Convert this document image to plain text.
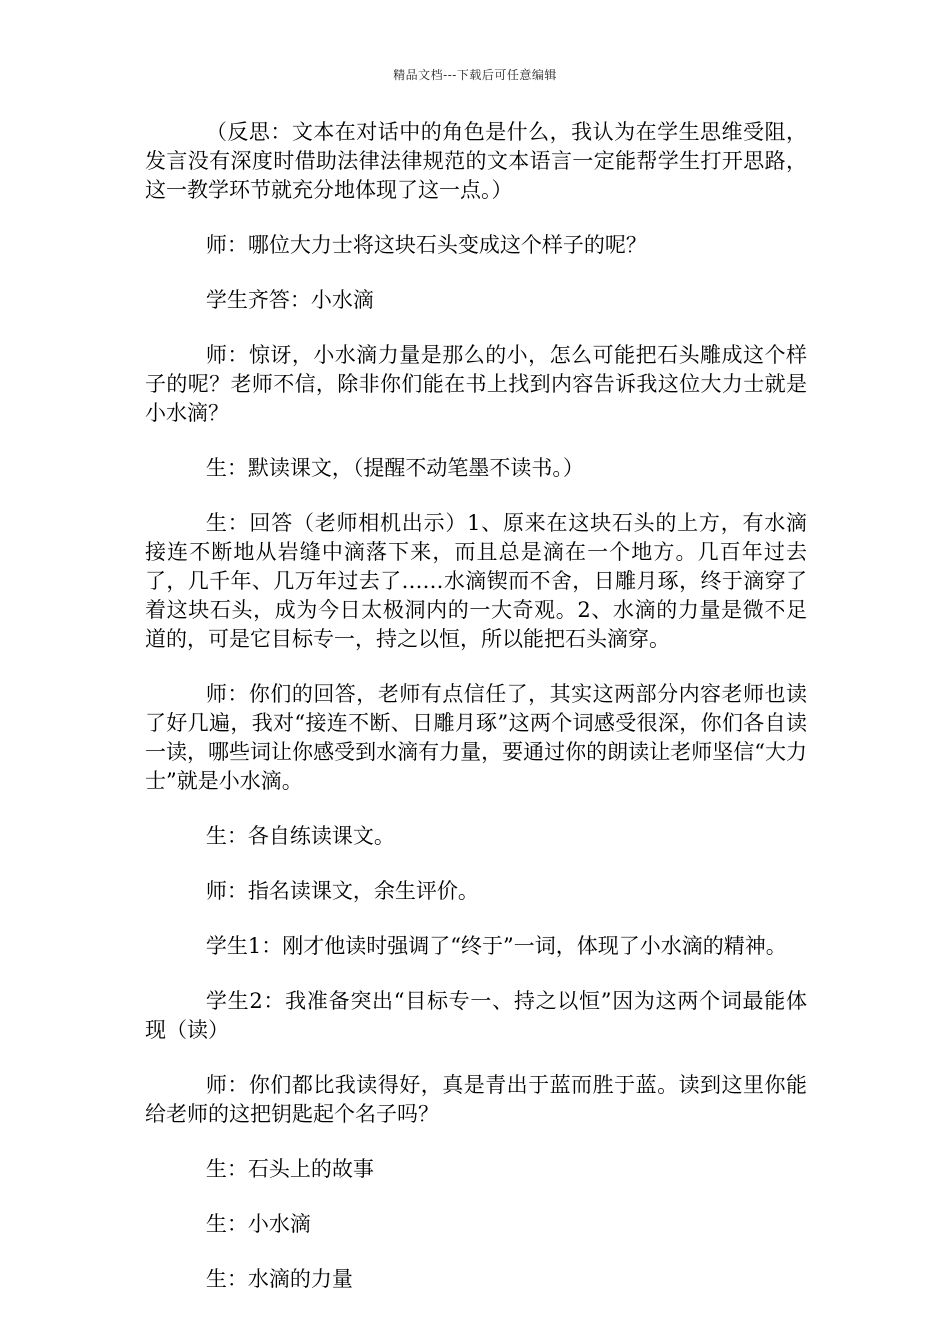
精品文档---下载后可任意编辑

（反思：文本在对话中的角色是什么，我认为在学生思维受阻，发言没有深度时借助法律法律规范的文本语言一定能帮学生打开思路，这一教学环节就充分地体现了这一点。）

师：哪位大力士将这块石头变成这个样子的呢？

学生齐答：小水滴

师：惊讶，小水滴力量是那么的小，怎么可能把石头雕成这个样子的呢？老师不信，除非你们能在书上找到内容告诉我这位大力士就是小水滴？

生：默读课文，（提醒不动笔墨不读书。）

生：回答（老师相机出示）1、原来在这块石头的上方，有水滴接连不断地从岩缝中滴落下来，而且总是滴在一个地方。几百年过去了，几千年、几万年过去了……水滴锲而不舍，日雕月琢，终于滴穿了着这块石头，成为今日太极洞内的一大奇观。2、水滴的力量是微不足道的，可是它目标专一，持之以恒，所以能把石头滴穿。

师：你们的回答，老师有点信任了，其实这两部分内容老师也读了好几遍，我对“接连不断、日雕月琢”这两个词感受很深，你们各自读一读，哪些词让你感受到水滴有力量，要通过你的朗读让老师坚信“大力士”就是小水滴。

生：各自练读课文。

师：指名读课文，余生评价。

学生1：刚才他读时强调了“终于”一词，体现了小水滴的精神。

学生2：我准备突出“目标专一、持之以恒”因为这两个词最能体现（读）

师：你们都比我读得好，真是青出于蓝而胜于蓝。读到这里你能给老师的这把钥匙起个名子吗？

生：石头上的故事

生：小水滴

生：水滴的力量
